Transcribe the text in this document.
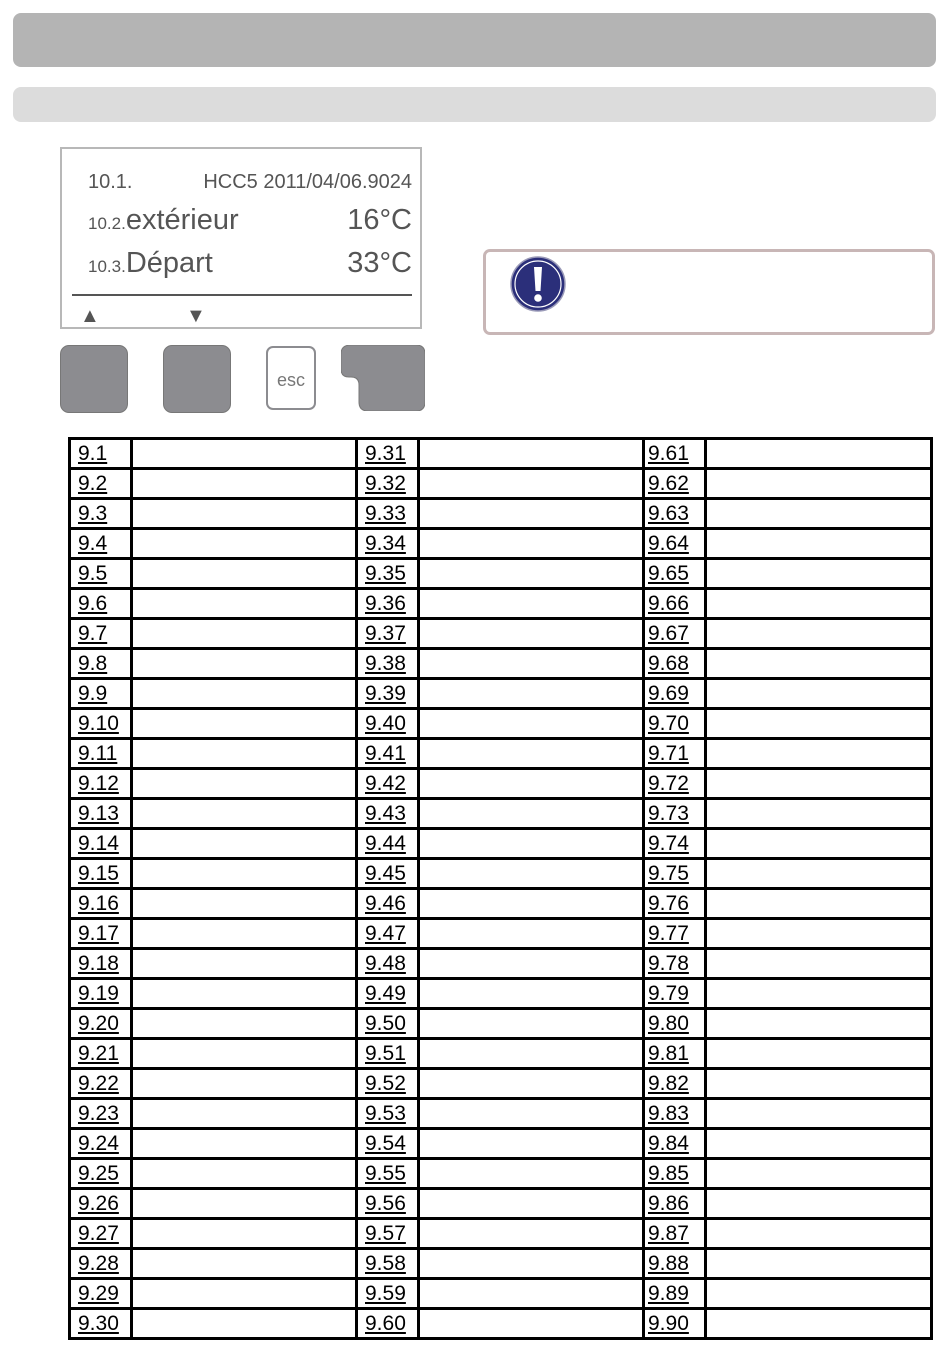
10.1.	HCC5 2011/04/06.9024
10.2.extérieur	16°C
10.3.Départ	33°C
▲	▼
esc
9.1		9.31		9.61	
9.2		9.32		9.62	
9.3		9.33		9.63	
9.4		9.34		9.64	
9.5		9.35		9.65	
9.6		9.36		9.66	
9.7		9.37		9.67	
9.8		9.38		9.68	
9.9		9.39		9.69	
9.10		9.40		9.70	
9.11		9.41		9.71	
9.12		9.42		9.72	
9.13		9.43		9.73	
9.14		9.44		9.74	
9.15		9.45		9.75	
9.16		9.46		9.76	
9.17		9.47		9.77	
9.18		9.48		9.78	
9.19		9.49		9.79	
9.20		9.50		9.80	
9.21		9.51		9.81	
9.22		9.52		9.82	
9.23		9.53		9.83	
9.24		9.54		9.84	
9.25		9.55		9.85	
9.26		9.56		9.86	
9.27		9.57		9.87	
9.28		9.58		9.88	
9.29		9.59		9.89	
9.30		9.60		9.90	
